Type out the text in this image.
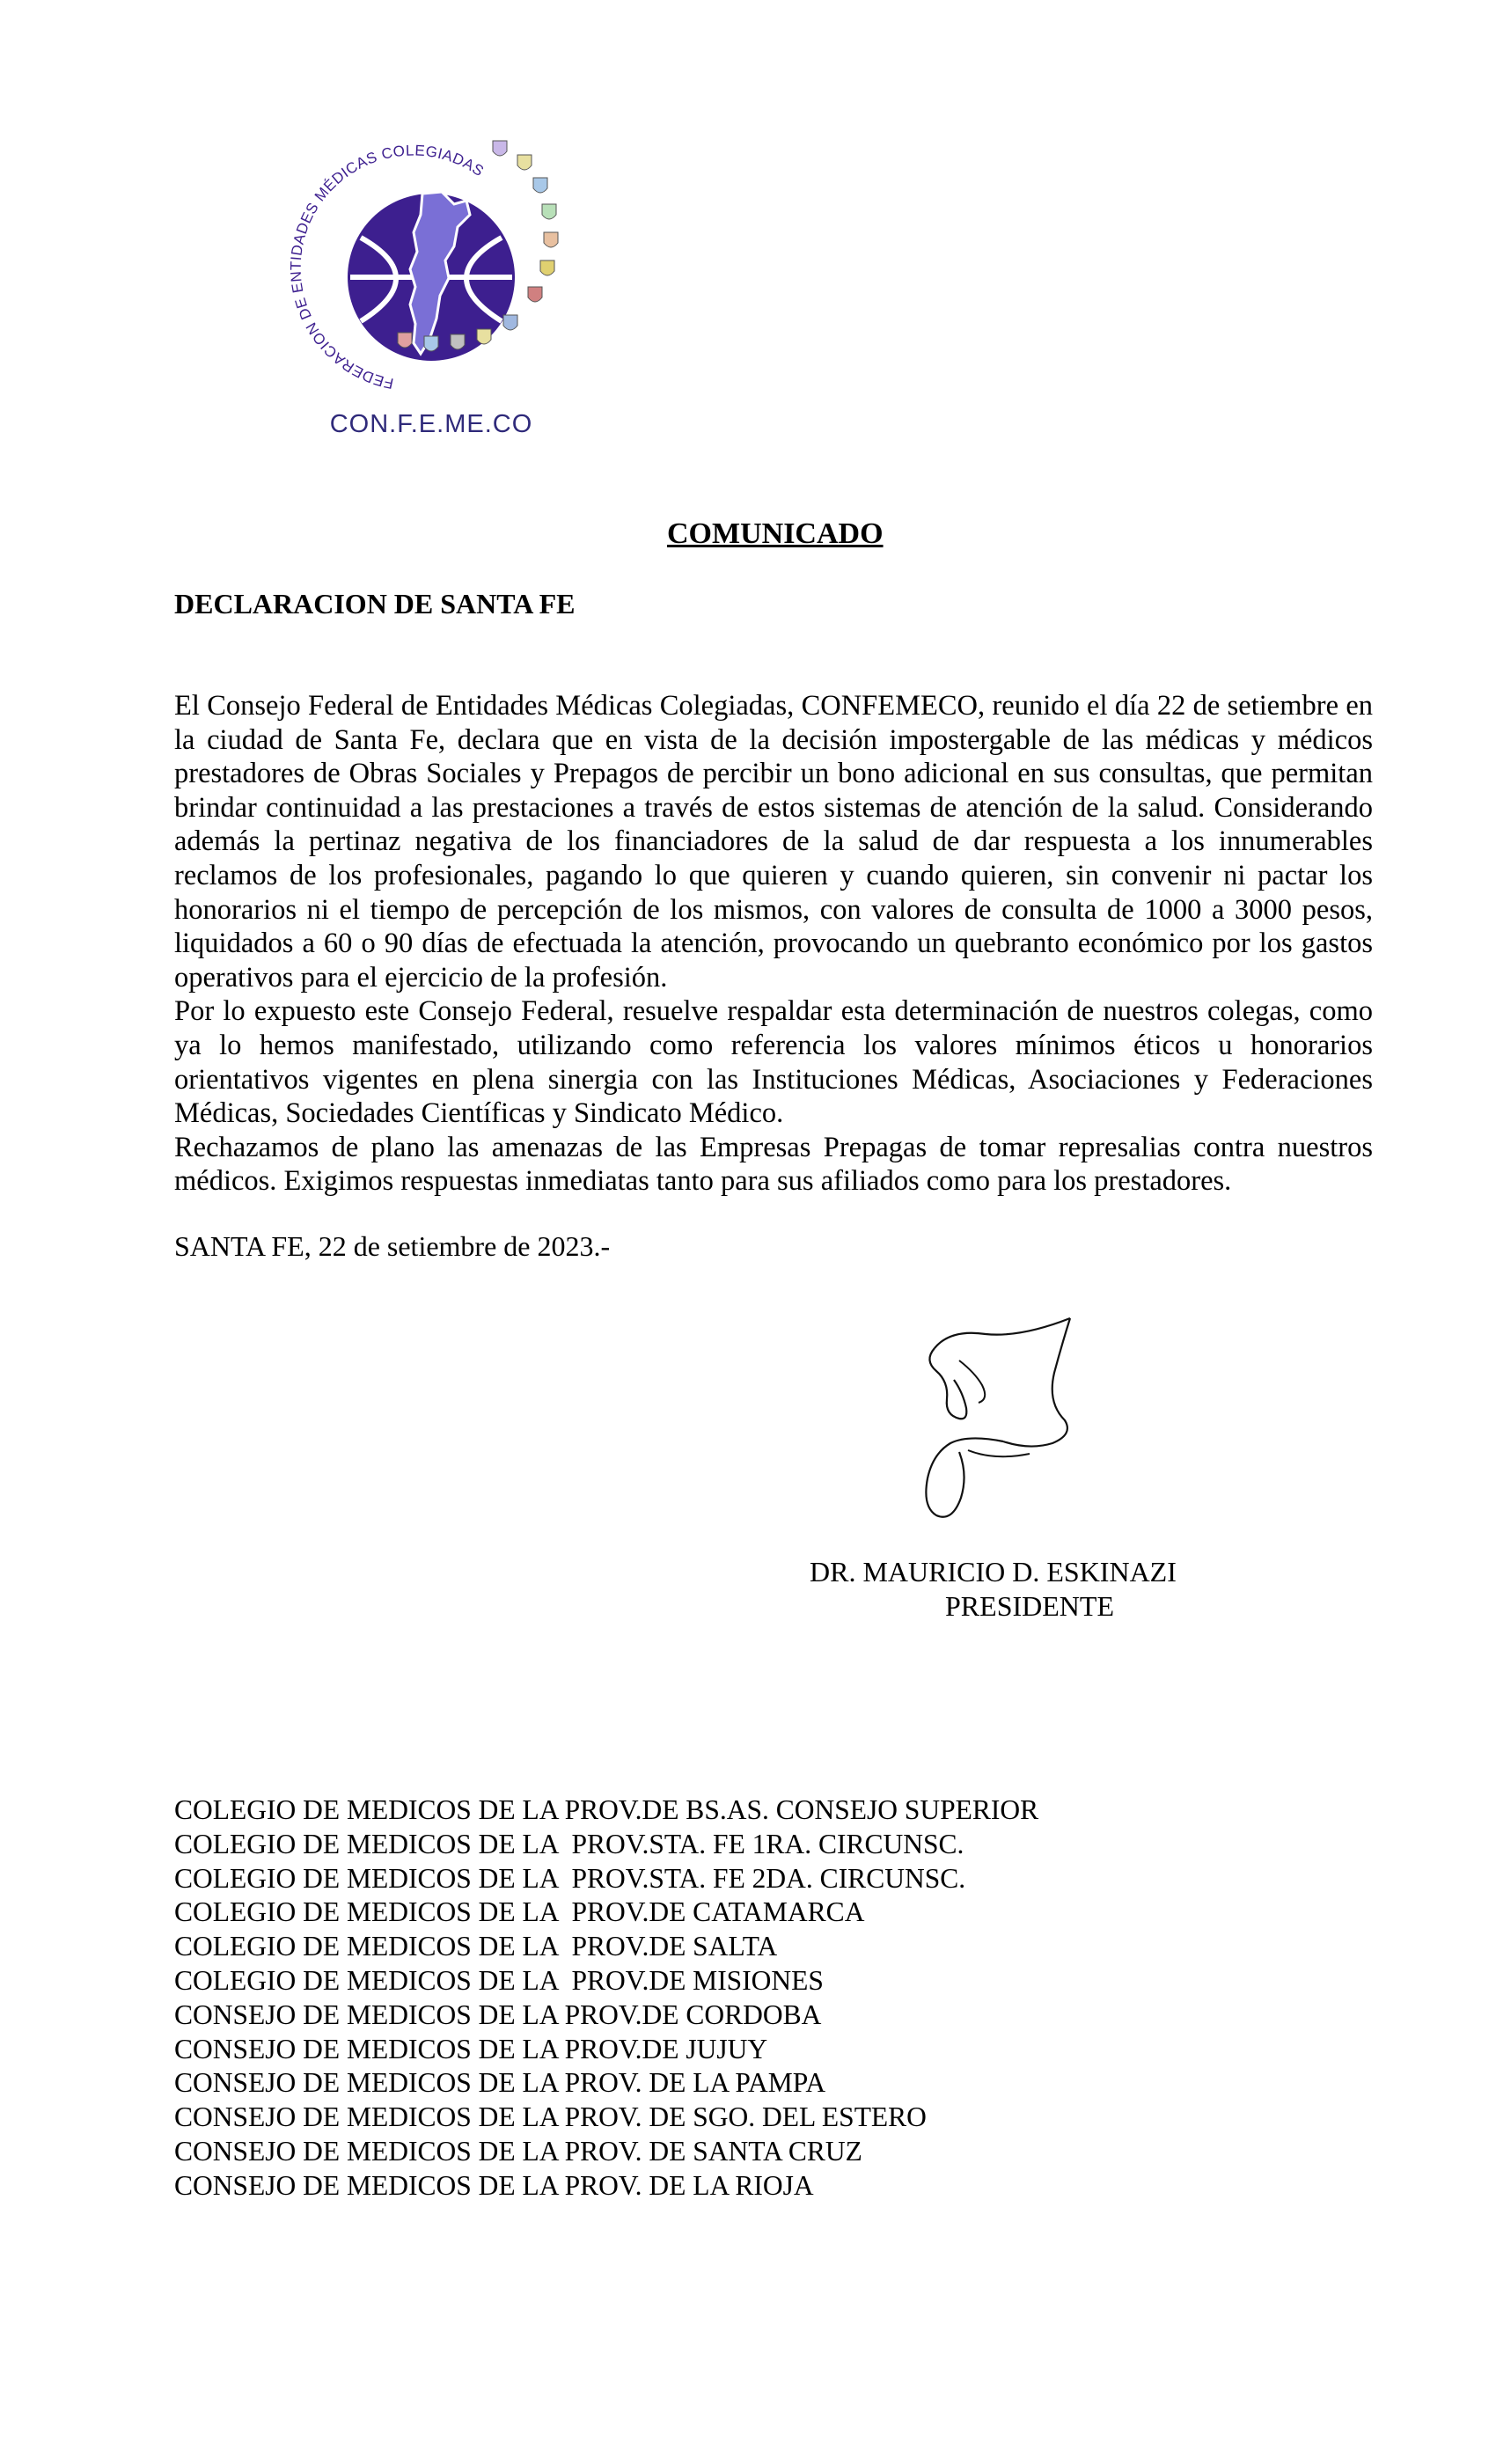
FEDERACION DE ENTIDADES MÉDICAS COLEGIADAS
CON.F.E.ME.CO
COMUNICADO
DECLARACION DE SANTA FE

El Consejo Federal de Entidades Médicas Colegiadas, CONFEMECO, reunido el día 22 de setiembre en la ciudad de Santa Fe, declara que en vista de la decisión impostergable de las médicas y médicos prestadores de Obras Sociales y Prepagos de percibir un bono adicional en sus consultas, que permitan brindar continuidad a las prestaciones a través de estos sistemas de atención de la salud. Considerando además la pertinaz negativa de los financiadores de la salud de dar respuesta a los innumerables reclamos de los profesionales, pagando lo que quieren y cuando quieren, sin convenir ni pactar los honorarios ni el tiempo de percepción de los mismos, con valores de consulta de 1000 a 3000 pesos, liquidados a 60 o 90 días de efectuada la atención, provocando un quebranto económico por los gastos operativos para el ejercicio de la profesión.

Por lo expuesto este Consejo Federal, resuelve respaldar esta determinación de nuestros colegas, como ya lo hemos manifestado, utilizando como referencia los valores mínimos éticos u honorarios orientativos vigentes en plena sinergia con las Instituciones Médicas, Asociaciones y Federaciones Médicas, Sociedades Científicas y Sindicato Médico.

Rechazamos de plano las amenazas de las Empresas Prepagas de tomar represalias contra nuestros médicos. Exigimos respuestas inmediatas tanto para sus afiliados como para los prestadores.

SANTA FE, 22 de setiembre de 2023.-
DR. MAURICIO D. ESKINAZI
PRESIDENTE
COLEGIO DE MEDICOS DE LA PROV.DE BS.AS. CONSEJO SUPERIOR
COLEGIO DE MEDICOS DE LA  PROV.STA. FE 1RA. CIRCUNSC.
COLEGIO DE MEDICOS DE LA  PROV.STA. FE 2DA. CIRCUNSC.
COLEGIO DE MEDICOS DE LA  PROV.DE CATAMARCA
COLEGIO DE MEDICOS DE LA  PROV.DE SALTA
COLEGIO DE MEDICOS DE LA  PROV.DE MISIONES
CONSEJO DE MEDICOS DE LA PROV.DE CORDOBA
CONSEJO DE MEDICOS DE LA PROV.DE JUJUY
CONSEJO DE MEDICOS DE LA PROV. DE LA PAMPA
CONSEJO DE MEDICOS DE LA PROV. DE SGO. DEL ESTERO
CONSEJO DE MEDICOS DE LA PROV. DE SANTA CRUZ
CONSEJO DE MEDICOS DE LA PROV. DE LA RIOJA
